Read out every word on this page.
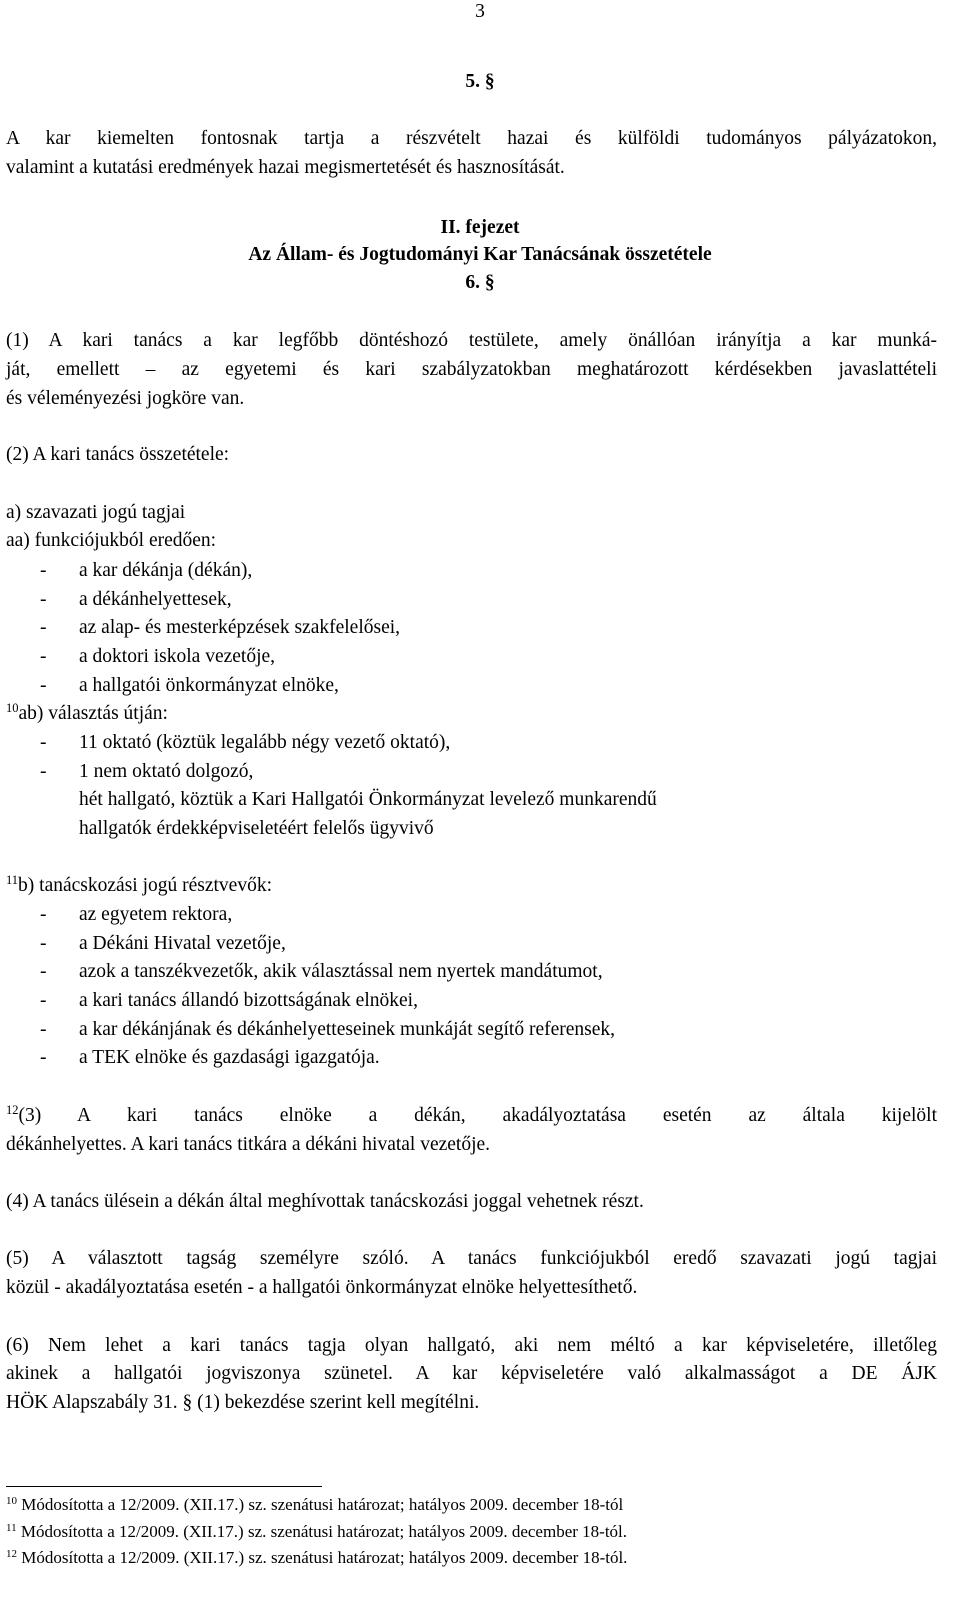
3
5. §
A kar kiemelten fontosnak tartja a részvételt hazai és külföldi tudományos pályázatokon,
valamint a kutatási eredmények hazai megismertetését és hasznosítását.
II. fejezet
Az Állam- és Jogtudományi Kar Tanácsának összetétele
6. §
(1) A kari tanács a kar legfőbb döntéshozó testülete, amely önállóan irányítja a kar munká-
ját, emellett – az egyetemi és kari szabályzatokban meghatározott kérdésekben javaslattételi
és véleményezési jogköre van.
(2) A kari tanács összetétele:
a) szavazati jogú tagjai
aa) funkciójukból eredően:
- a kar dékánja (dékán),
- a dékánhelyettesek,
- az alap- és mesterképzések szakfelelősei,
- a doktori iskola vezetője,
- a hallgatói önkormányzat elnöke,
$^{10}$ab) választás útján:
- 11 oktató (köztük legalább négy vezető oktató),
- 1 nem oktató dolgozó,
hét hallgató, köztük a Kari Hallgatói Önkormányzat levelező munkarendű
hallgatók érdekképviseletéért felelős ügyvivő
$^{11}$b) tanácskozási jogú résztvevők:
- az egyetem rektora,
- a Dékáni Hivatal vezetője,
- azok a tanszékvezetők, akik választással nem nyertek mandátumot,
- a kari tanács állandó bizottságának elnökei,
- a kar dékánjának és dékánhelyetteseinek munkáját segítő referensek,
- a TEK elnöke és gazdasági igazgatója.
$^{12}$(3) A kari tanács elnöke a dékán, akadályoztatása esetén az általa kijelölt
dékánhelyettes. A kari tanács titkára a dékáni hivatal vezetője.
(4) A tanács ülésein a dékán által meghívottak tanácskozási joggal vehetnek részt.
(5) A választott tagság személyre szóló. A tanács funkciójukból eredő szavazati jogú tagjai
közül - akadályoztatása esetén - a hallgatói önkormányzat elnöke helyettesíthető.
(6) Nem lehet a kari tanács tagja olyan hallgató, aki nem méltó a kar képviseletére, illetőleg
akinek a hallgatói jogviszonya szünetel. A kar képviseletére való alkalmasságot a DE ÁJK
HÖK Alapszabály 31. § (1) bekezdése szerint kell megítélni.
$^{10}$ Módosította a 12/2009. (XII.17.) sz. szenátusi határozat; hatályos 2009. december 18-tól
$^{11}$ Módosította a 12/2009. (XII.17.) sz. szenátusi határozat; hatályos 2009. december 18-tól.
$^{12}$ Módosította a 12/2009. (XII.17.) sz. szenátusi határozat; hatályos 2009. december 18-tól.
